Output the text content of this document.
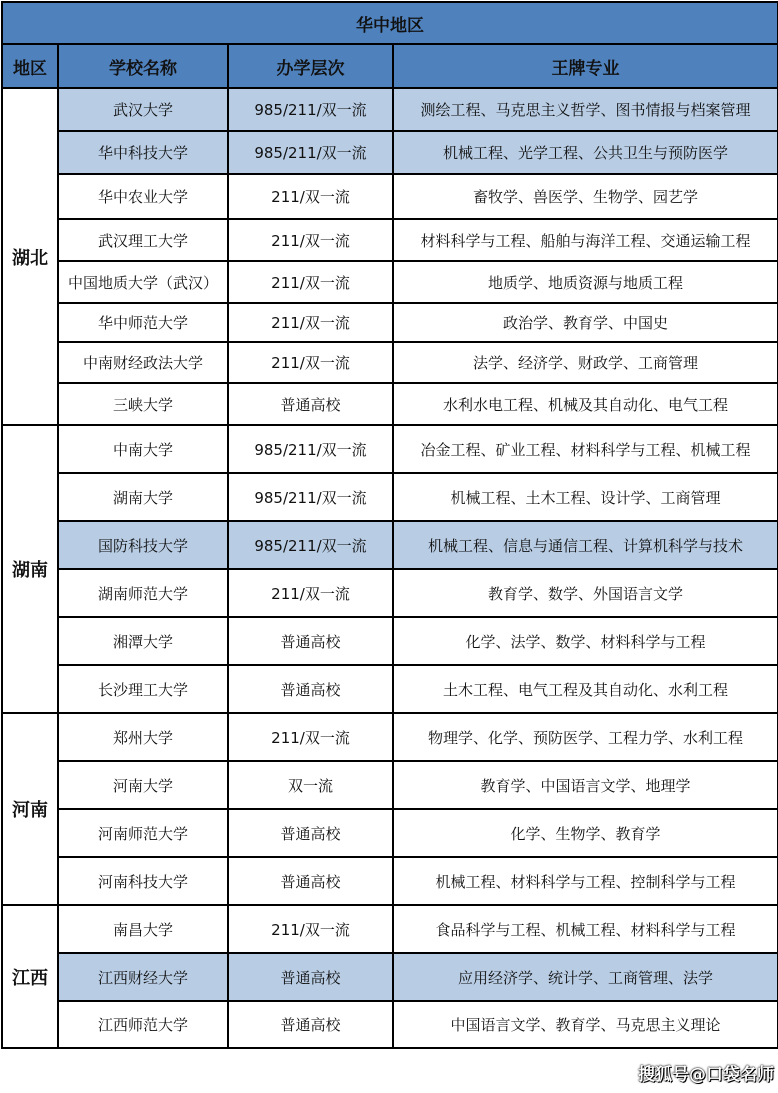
华中地区			
地区	学校名称	办学层次	王牌专业
湖北	武汉大学	985/211/双一流	测绘工程、马克思主义哲学、图书情报与档案管理
	华中科技大学	985/211/双一流	机械工程、光学工程、公共卫生与预防医学
	华中农业大学	211/双一流	畜牧学、兽医学、生物学、园艺学
	武汉理工大学	211/双一流	材料科学与工程、船舶与海洋工程、交通运输工程
	中国地质大学（武汉）	211/双一流	地质学、地质资源与地质工程
	华中师范大学	211/双一流	政治学、教育学、中国史
	中南财经政法大学	211/双一流	法学、经济学、财政学、工商管理
	三峡大学	普通高校	水利水电工程、机械及其自动化、电气工程
湖南	中南大学	985/211/双一流	冶金工程、矿业工程、材料科学与工程、机械工程
	湖南大学	985/211/双一流	机械工程、土木工程、设计学、工商管理
	国防科技大学	985/211/双一流	机械工程、信息与通信工程、计算机科学与技术
	湖南师范大学	211/双一流	教育学、数学、外国语言文学
	湘潭大学	普通高校	化学、法学、数学、材料科学与工程
	长沙理工大学	普通高校	土木工程、电气工程及其自动化、水利工程
河南	郑州大学	211/双一流	物理学、化学、预防医学、工程力学、水利工程
	河南大学	双一流	教育学、中国语言文学、地理学
	河南师范大学	普通高校	化学、生物学、教育学
	河南科技大学	普通高校	机械工程、材料科学与工程、控制科学与工程
江西	南昌大学	211/双一流	食品科学与工程、机械工程、材料科学与工程
	江西财经大学	普通高校	应用经济学、统计学、工商管理、法学
	江西师范大学	普通高校	中国语言文学、教育学、马克思主义理论
搜狐号@口袋名师
